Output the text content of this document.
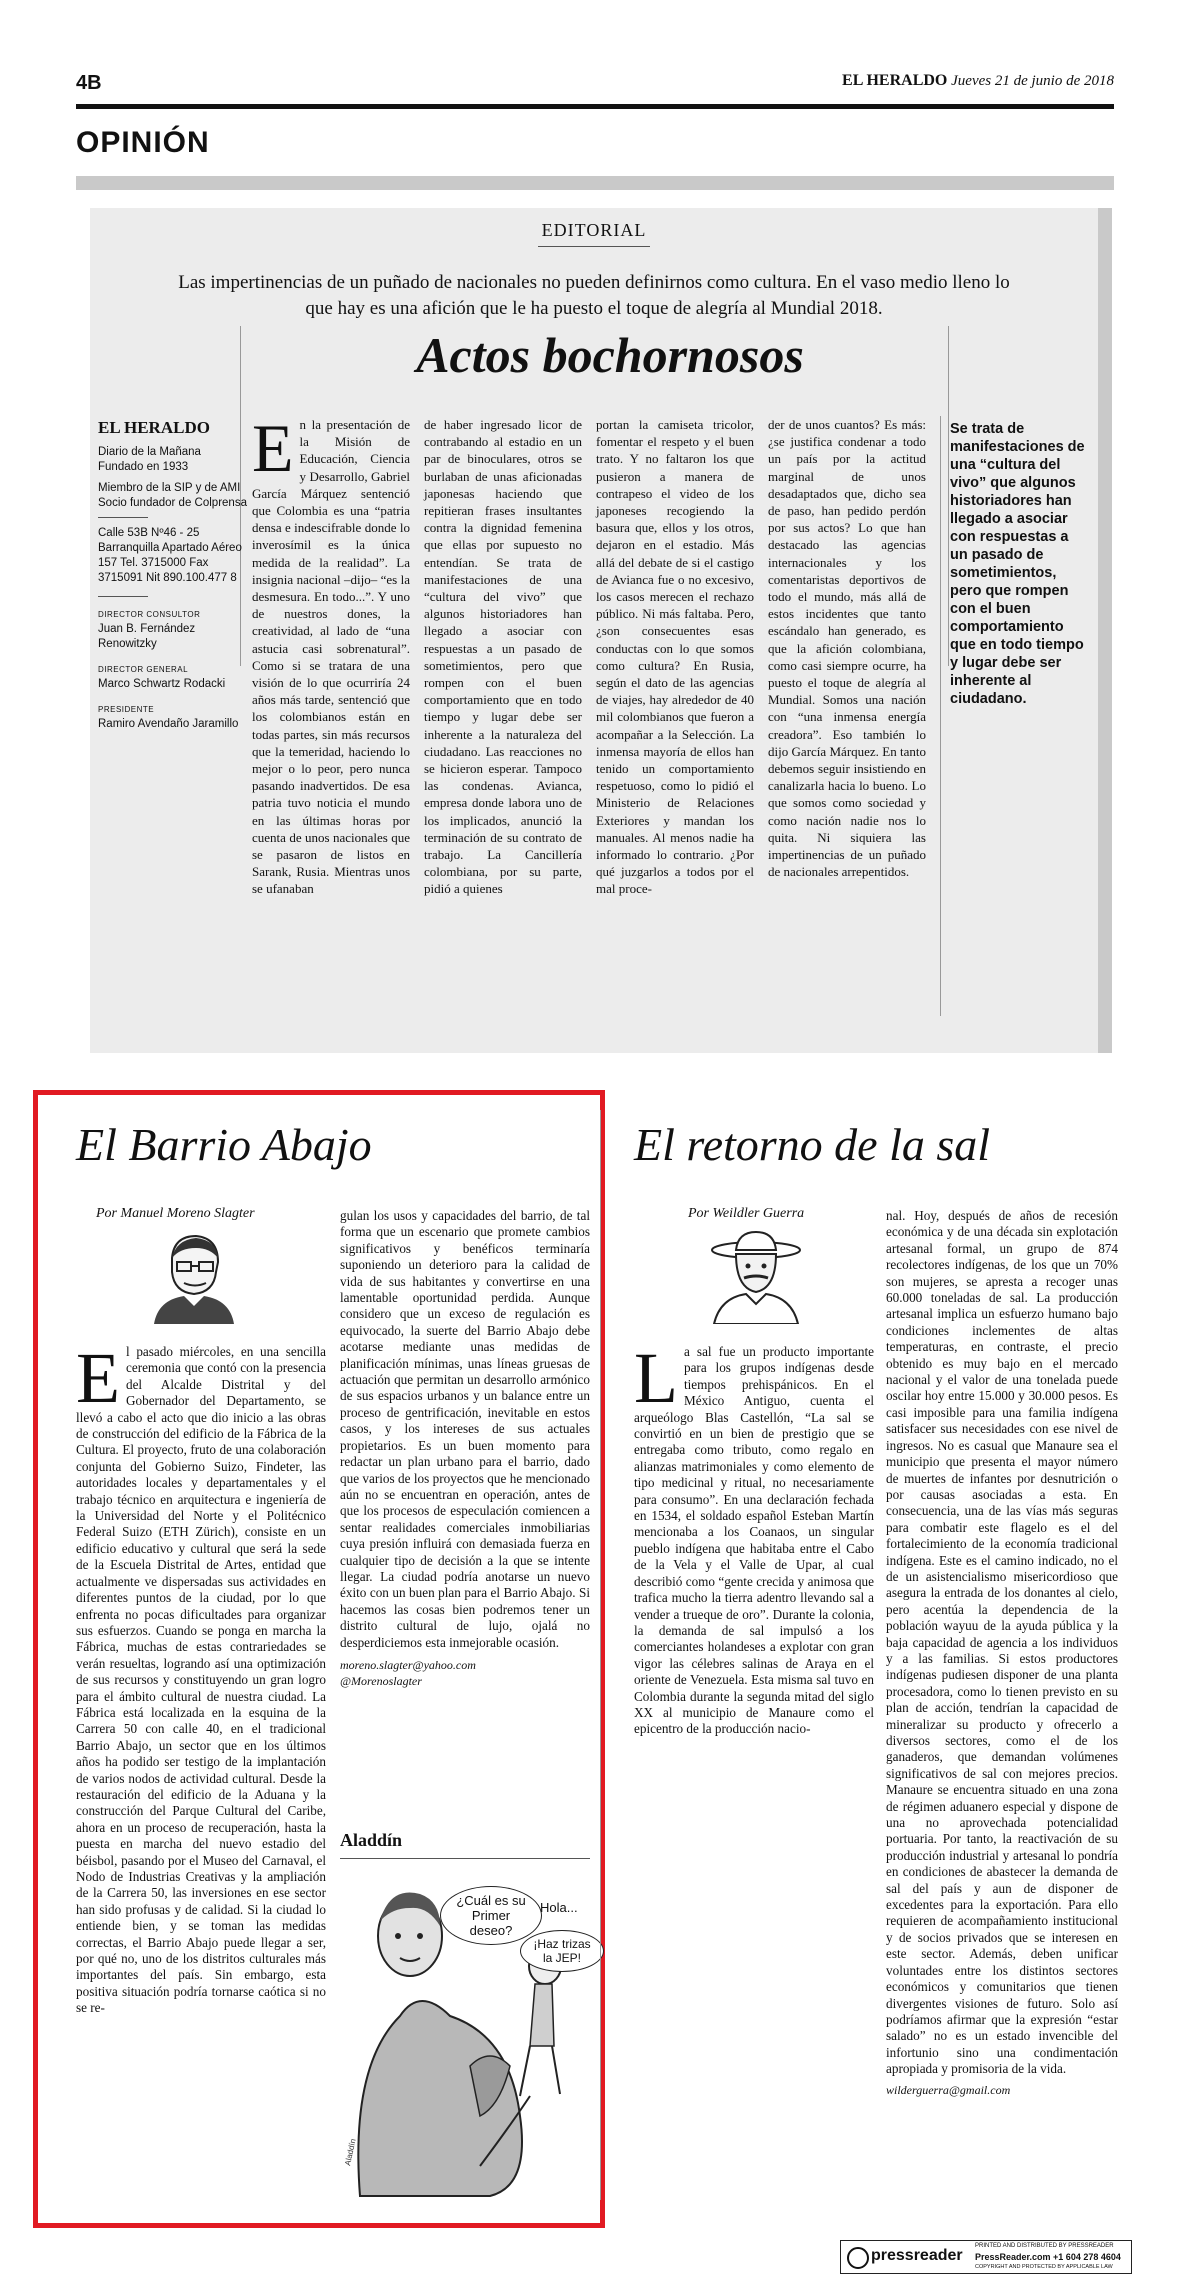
4B	EL HERALDO Jueves 21 de junio de 2018
OPINIÓN
EDITORIAL
Las impertinencias de un puñado de nacionales no pueden definirnos como cultura. En el vaso medio lleno lo que hay es una afición que le ha puesto el toque de alegría al Mundial 2018.
Actos bochornosos
EL HERALDO
Diario de la Mañana Fundado en 1933
Miembro de la SIP y de AMI Socio fundador de Colprensa
Calle 53B Nº46 - 25 Barranquilla Apartado Aéreo 157 Tel. 3715000 Fax 3715091 Nit 890.100.477 8
DIRECTOR CONSULTOR
Juan B. Fernández Renowitzky
DIRECTOR GENERAL
Marco Schwartz Rodacki
PRESIDENTE
Ramiro Avendaño Jaramillo
En la presentación de la Misión de Educación, Ciencia y Desarrollo, Gabriel García Márquez sentenció que Colombia es una “patria densa e indescifrable donde lo inverosímil es la única medida de la realidad”. La insignia nacional –dijo– “es la desmesura. En todo...”. Y uno de nuestros dones, la creatividad, al lado de “una astucia casi sobrenatural”. Como si se tratara de una visión de lo que ocurriría 24 años más tarde, sentenció que los colombianos están en todas partes, sin más recursos que la temeridad, haciendo lo mejor o lo peor, pero nunca pasando inadvertidos. De esa patria tuvo noticia el mundo en las últimas horas por cuenta de unos nacionales que se pasaron de listos en Sarank, Rusia. Mientras unos se ufanaban
de haber ingresado licor de contrabando al estadio en un par de binoculares, otros se burlaban de unas aficionadas japonesas haciendo que repitieran frases insultantes contra la dignidad femenina que ellas por supuesto no entendían. Se trata de manifestaciones de una “cultura del vivo” que algunos historiadores han llegado a asociar con respuestas a un pasado de sometimientos, pero que rompen con el buen comportamiento que en todo tiempo y lugar debe ser inherente a la naturaleza del ciudadano. Las reacciones no se hicieron esperar. Tampoco las condenas. Avianca, empresa donde labora uno de los implicados, anunció la terminación de su contrato de trabajo. La Cancillería colombiana, por su parte, pidió a quienes
portan la camiseta tricolor, fomentar el respeto y el buen trato. Y no faltaron los que pusieron a manera de contrapeso el video de los japoneses recogiendo la basura que, ellos y los otros, dejaron en el estadio. Más allá del debate de si el castigo de Avianca fue o no excesivo, los casos merecen el rechazo público. Ni más faltaba. Pero, ¿son consecuentes esas conductas con lo que somos como cultura? En Rusia, según el dato de las agencias de viajes, hay alrededor de 40 mil colombianos que fueron a acompañar a la Selección. La inmensa mayoría de ellos han tenido un comportamiento respetuoso, como lo pidió el Ministerio de Relaciones Exteriores y mandan los manuales. Al menos nadie ha informado lo contrario. ¿Por qué juzgarlos a todos por el mal proce-
der de unos cuantos? Es más: ¿se justifica condenar a todo un país por la actitud marginal de unos desadaptados que, dicho sea de paso, han pedido perdón por sus actos? Lo que han destacado las agencias internacionales y los comentaristas deportivos de todo el mundo, más allá de estos incidentes que tanto escándalo han generado, es que la afición colombiana, como casi siempre ocurre, ha puesto el toque de alegría al Mundial. Somos una nación con “una inmensa energía creadora”. Eso también lo dijo García Márquez. En tanto debemos seguir insistiendo en canalizarla hacia lo bueno. Lo que somos como sociedad y como nación nadie nos lo quita. Ni siquiera las impertinencias de un puñado de nacionales arrepentidos.
Se trata de manifestaciones de una “cultura del vivo” que algunos historiadores han llegado a asociar con respuestas a un pasado de sometimientos, pero que rompen con el buen comportamiento que en todo tiempo y lugar debe ser inherente al ciudadano.
El Barrio Abajo
Por Manuel Moreno Slagter
El pasado miércoles, en una sencilla ceremonia que contó con la presencia del Alcalde Distrital y del Gobernador del Departamento, se llevó a cabo el acto que dio inicio a las obras de construcción del edificio de la Fábrica de la Cultura. El proyecto, fruto de una colaboración conjunta del Gobierno Suizo, Findeter, las autoridades locales y departamentales y el trabajo técnico en arquitectura e ingeniería de la Universidad del Norte y el Politécnico Federal Suizo (ETH Zürich), consiste en un edificio educativo y cultural que será la sede de la Escuela Distrital de Artes, entidad que actualmente ve dispersadas sus actividades en diferentes puntos de la ciudad, por lo que enfrenta no pocas dificultades para organizar sus esfuerzos. Cuando se ponga en marcha la Fábrica, muchas de estas contrariedades se verán resueltas, logrando así una optimización de sus recursos y constituyendo un gran logro para el ámbito cultural de nuestra ciudad. La Fábrica está localizada en la esquina de la Carrera 50 con calle 40, en el tradicional Barrio Abajo, un sector que en los últimos años ha podido ser testigo de la implantación de varios nodos de actividad cultural. Desde la restauración del edificio de la Aduana y la construcción del Parque Cultural del Caribe, ahora en un proceso de recuperación, hasta la puesta en marcha del nuevo estadio del béisbol, pasando por el Museo del Carnaval, el Nodo de Industrias Creativas y la ampliación de la Carrera 50, las inversiones en ese sector han sido profusas y de calidad. Si la ciudad lo entiende bien, y se toman las medidas correctas, el Barrio Abajo puede llegar a ser, por qué no, uno de los distritos culturales más importantes del país. Sin embargo, esta positiva situación podría tornarse caótica si no se re-
gulan los usos y capacidades del barrio, de tal forma que un escenario que promete cambios significativos y benéficos terminaría suponiendo un deterioro para la calidad de vida de sus habitantes y convertirse en una lamentable oportunidad perdida. Aunque considero que un exceso de regulación es equivocado, la suerte del Barrio Abajo debe acotarse mediante unas medidas de planificación mínimas, unas líneas gruesas de actuación que permitan un desarrollo armónico de sus espacios urbanos y un balance entre un proceso de gentrificación, inevitable en estos casos, y los intereses de sus actuales propietarios. Es un buen momento para redactar un plan urbano para el barrio, dado que varios de los proyectos que he mencionado aún no se encuentran en operación, antes de que los procesos de especulación comiencen a sentar realidades comerciales inmobiliarias cuya presión influirá con demasiada fuerza en cualquier tipo de decisión a la que se intente llegar. La ciudad podría anotarse un nuevo éxito con un buen plan para el Barrio Abajo. Si hacemos las cosas bien podremos tener un distrito cultural de lujo, ojalá no desperdiciemos esta inmejorable ocasión.
moreno.slagter@yahoo.com
@Morenoslagter
Aladdín
Aladdín
¿Cuál es su Primer deseo?
Hola...
¡Haz trizas la JEP!
El retorno de la sal
Por Weildler Guerra
La sal fue un producto importante para los grupos indígenas desde tiempos prehispánicos. En el México Antiguo, cuenta el arqueólogo Blas Castellón, “La sal se convirtió en un bien de prestigio que se entregaba como tributo, como regalo en alianzas matrimoniales y como elemento de tipo medicinal y ritual, no necesariamente para consumo”. En una declaración fechada en 1534, el soldado español Esteban Martín mencionaba a los Coanaos, un singular pueblo indígena que habitaba entre el Cabo de la Vela y el Valle de Upar, al cual describió como “gente crecida y animosa que trafica mucho la tierra adentro llevando sal a vender a trueque de oro”. Durante la colonia, la demanda de sal impulsó a los comerciantes holandeses a explotar con gran vigor las célebres salinas de Araya en el oriente de Venezuela. Esta misma sal tuvo en Colombia durante la segunda mitad del siglo XX al municipio de Manaure como el epicentro de la producción nacio-
nal. Hoy, después de años de recesión económica y de una década sin explotación artesanal formal, un grupo de 874 recolectores indígenas, de los que un 70% son mujeres, se apresta a recoger unas 60.000 toneladas de sal. La producción artesanal implica un esfuerzo humano bajo condiciones inclementes de altas temperaturas, en contraste, el precio obtenido es muy bajo en el mercado nacional y el valor de una tonelada puede oscilar hoy entre 15.000 y 30.000 pesos. Es casi imposible para una familia indígena satisfacer sus necesidades con ese nivel de ingresos. No es casual que Manaure sea el municipio que presenta el mayor número de muertes de infantes por desnutrición o por causas asociadas a esta. En consecuencia, una de las vías más seguras para combatir este flagelo es el del fortalecimiento de la economía tradicional indígena. Este es el camino indicado, no el de un asistencialismo misericordioso que asegura la entrada de los donantes al cielo, pero acentúa la dependencia de la población wayuu de la ayuda pública y la baja capacidad de agencia a los individuos y a las familias. Si estos productores indígenas pudiesen disponer de una planta procesadora, como lo tienen previsto en su plan de acción, tendrían la capacidad de mineralizar su producto y ofrecerlo a diversos sectores, como el de los ganaderos, que demandan volúmenes significativos de sal con mejores precios. Manaure se encuentra situado en una zona de régimen aduanero especial y dispone de una no aprovechada potencialidad portuaria. Por tanto, la reactivación de su producción industrial y artesanal lo pondría en condiciones de abastecer la demanda de sal del país y aun de disponer de excedentes para la exportación. Para ello requieren de acompañamiento institucional y de socios privados que se interesen en este sector. Además, deben unificar voluntades entre los distintos sectores económicos y comunitarios que tienen divergentes visiones de futuro. Solo así podríamos afirmar que la expresión “estar salado” no es un estado invencible del infortunio sino una condimentación apropiada y promisoria de la vida.
wilderguerra@gmail.com
pressreader
PRINTED AND DISTRIBUTED BY PRESSREADER
PressReader.com +1 604 278 4604
COPYRIGHT AND PROTECTED BY APPLICABLE LAW
